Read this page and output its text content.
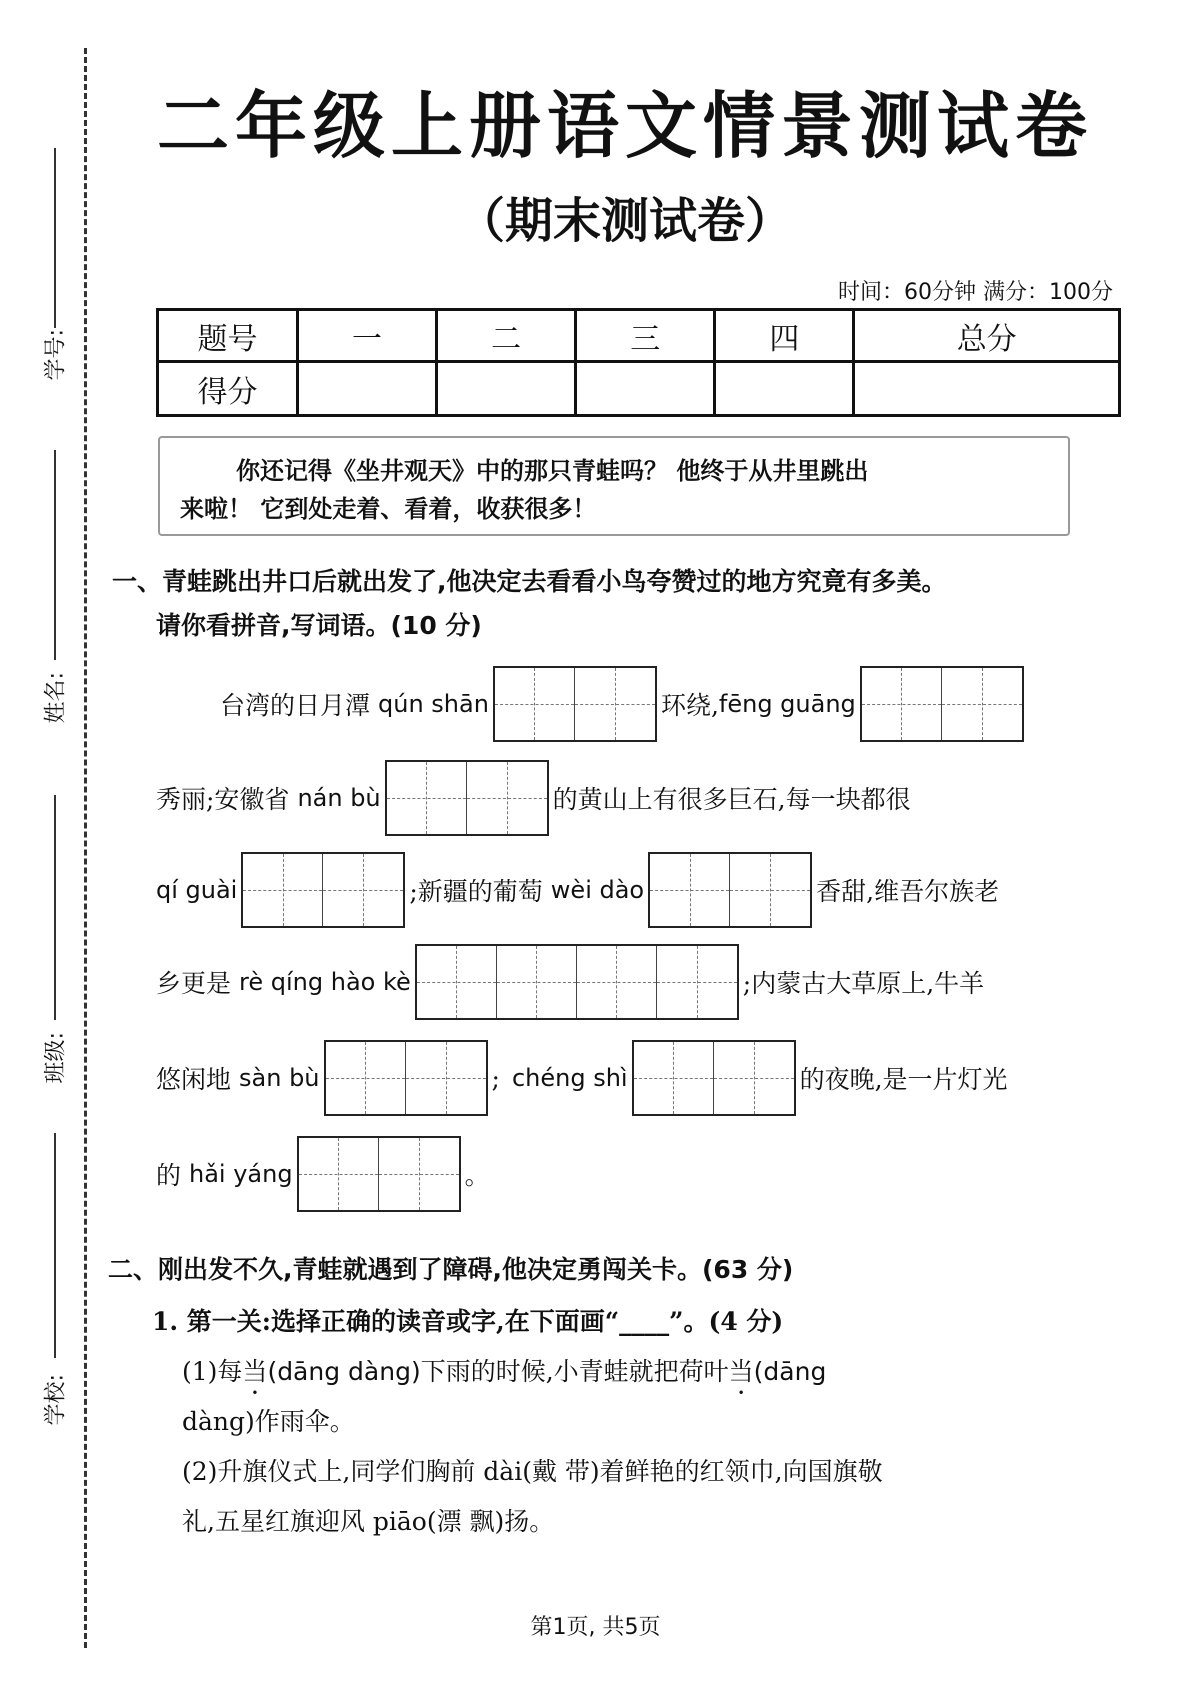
学号:
姓名:
班级:
学校:
二年级上册语文情景测试卷
（期末测试卷）
时间：60分钟 满分：100分
题号	一	二	三	四	总分
得分					
你还记得《坐井观天》中的那只青蛙吗？ 他终于从井里跳出
来啦！ 它到处走着、看着，收获很多！
一、青蛙跳出井口后就出发了,他决定去看看小鸟夸赞过的地方究竟有多美。
请你看拼音,写词语。(10 分)
台湾的日月潭 qún shān	环绕, fēng guāng
秀丽;安徽省 nán bù	的黄山上有很多巨石,每一块都很
qí guài	;新疆的葡萄 wèi dào	香甜,维吾尔族老
乡更是 rè qíng hào kè	;内蒙古大草原上,牛羊
悠闲地 sàn bù	; chéng shì	的夜晚,是一片灯光
的 hǎi yáng	。
二、刚出发不久,青蛙就遇到了障碍,他决定勇闯关卡。(63 分)
1. 第一关:选择正确的读音或字,在下面画“____”。(4 分)
(1)每当(dāng dàng)下雨的时候,小青蛙就把荷叶当(dāng
dàng)作雨伞。
(2)升旗仪式上,同学们胸前 dài(戴 带)着鲜艳的红领巾,向国旗敬
礼,五星红旗迎风 piāo(漂 飘)扬。
第1页, 共5页
